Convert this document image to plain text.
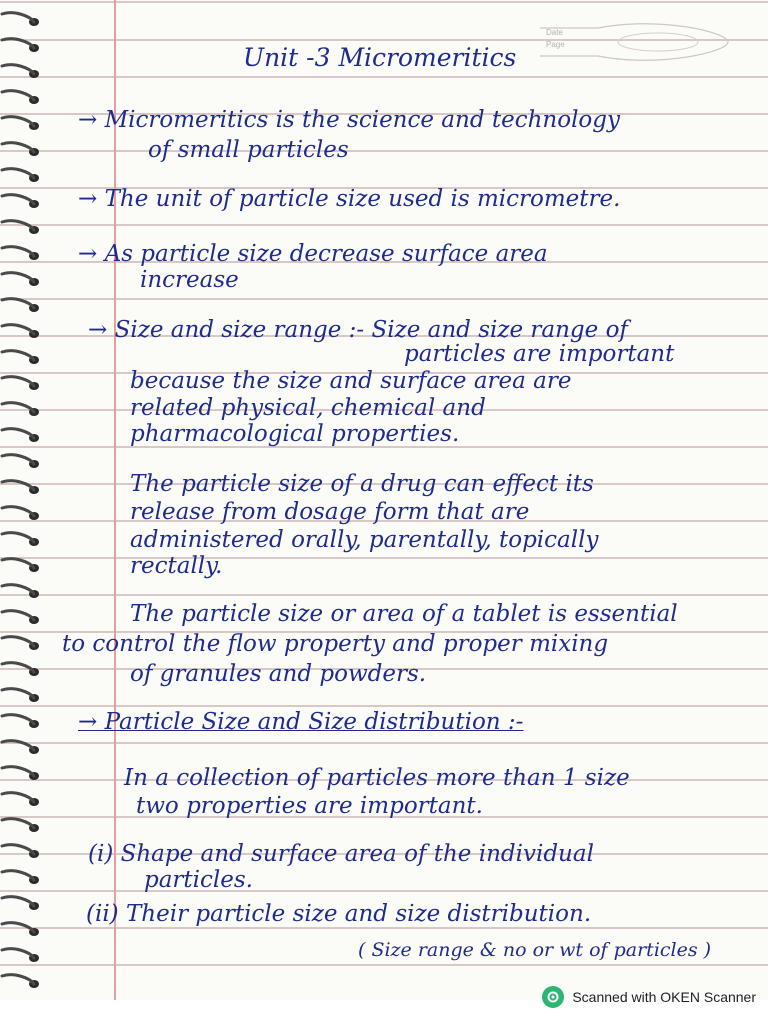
Date
Page
Unit -3 Micromeritics
→ Micromeritics is the science and technology
of small particles
→ The unit of particle size used is micrometre.
→ As particle size decrease surface area
increase
→ Size and size range :- Size and size range of
particles are important
because the size and surface area are
related physical, chemical and
pharmacological properties.
The particle size of a drug can effect its
release from dosage form that are
administered orally, parentally, topically
rectally.
The particle size or area of a tablet is essential
to control the flow property and proper mixing
of granules and powders.
→ Particle Size and Size distribution :-
In a collection of particles more than 1 size
two properties are important.
(i) Shape and surface area of the individual
particles.
(ii) Their particle size and size distribution.
( Size range & no or wt of particles )
Scanned with OKEN Scanner
